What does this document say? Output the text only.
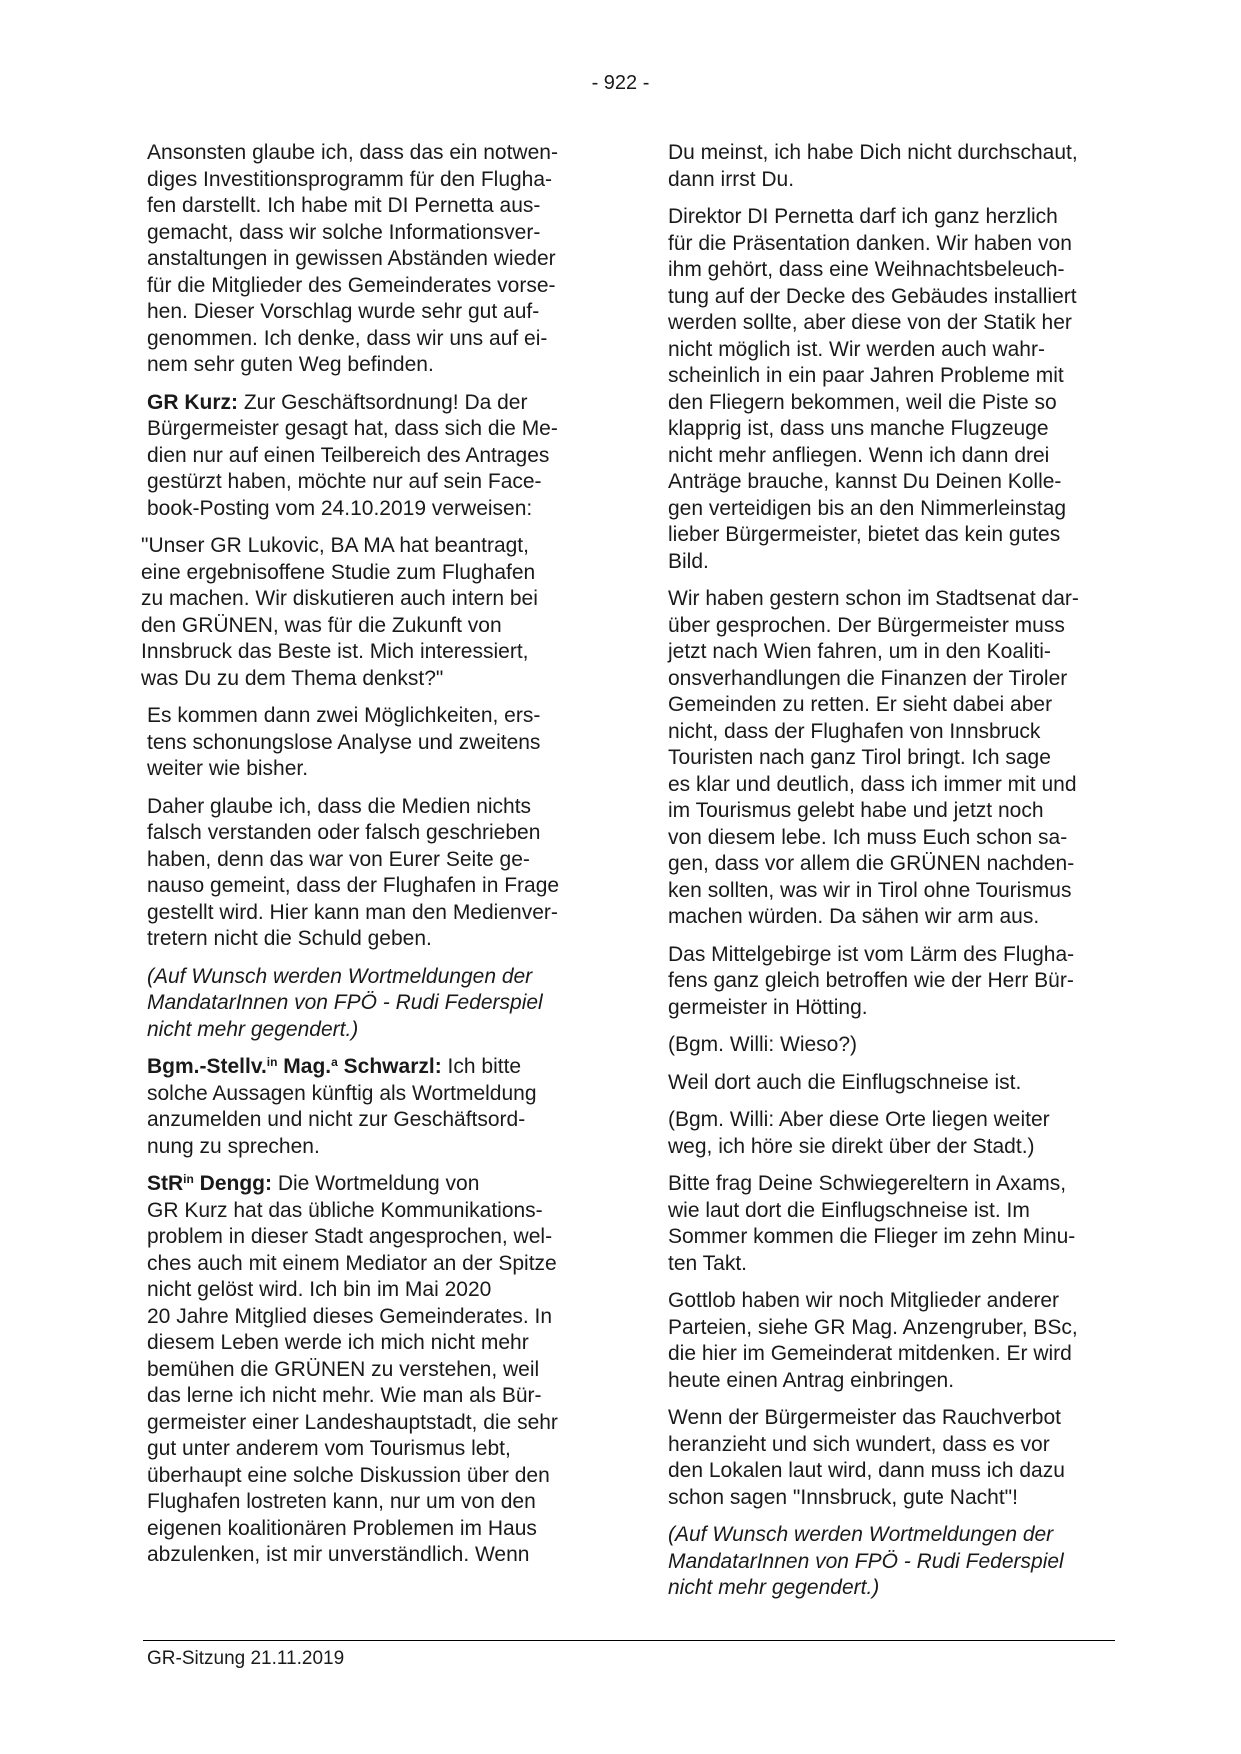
- 922 -

Ansonsten glaube ich, dass das ein notwen-
diges Investitionsprogramm für den Flugha-
fen darstellt. Ich habe mit DI Pernetta aus-
gemacht, dass wir solche Informationsver-
anstaltungen in gewissen Abständen wieder
für die Mitglieder des Gemeinderates vorse-
hen. Dieser Vorschlag wurde sehr gut auf-
genommen. Ich denke, dass wir uns auf ei-
nem sehr guten Weg befinden.

GR Kurz: Zur Geschäftsordnung! Da der
Bürgermeister gesagt hat, dass sich die Me-
dien nur auf einen Teilbereich des Antrages
gestürzt haben, möchte nur auf sein Face-
book-Posting vom 24.10.2019 verweisen:

"Unser GR Lukovic, BA MA hat beantragt,
eine ergebnisoffene Studie zum Flughafen
zu machen. Wir diskutieren auch intern bei
den GRÜNEN, was für die Zukunft von
Innsbruck das Beste ist. Mich interessiert,
was Du zu dem Thema denkst?"

Es kommen dann zwei Möglichkeiten, ers-
tens schonungslose Analyse und zweitens
weiter wie bisher.

Daher glaube ich, dass die Medien nichts
falsch verstanden oder falsch geschrieben
haben, denn das war von Eurer Seite ge-
nauso gemeint, dass der Flughafen in Frage
gestellt wird. Hier kann man den Medienver-
tretern nicht die Schuld geben.

(Auf Wunsch werden Wortmeldungen der
MandatarInnen von FPÖ - Rudi Federspiel
nicht mehr gegendert.)

Bgm.-Stellv.$^{in}$ Mag.$^a$ Schwarzl: Ich bitte
solche Aussagen künftig als Wortmeldung
anzumelden und nicht zur Geschäftsord-
nung zu sprechen.

StR$^{in}$ Dengg: Die Wortmeldung von
GR Kurz hat das übliche Kommunikations-
problem in dieser Stadt angesprochen, wel-
ches auch mit einem Mediator an der Spitze
nicht gelöst wird. Ich bin im Mai 2020
20 Jahre Mitglied dieses Gemeinderates. In
diesem Leben werde ich mich nicht mehr
bemühen die GRÜNEN zu verstehen, weil
das lerne ich nicht mehr. Wie man als Bür-
germeister einer Landeshauptstadt, die sehr
gut unter anderem vom Tourismus lebt,
überhaupt eine solche Diskussion über den
Flughafen lostreten kann, nur um von den
eigenen koalitionären Problemen im Haus
abzulenken, ist mir unverständlich. Wenn

Du meinst, ich habe Dich nicht durchschaut,
dann irrst Du.

Direktor DI Pernetta darf ich ganz herzlich
für die Präsentation danken. Wir haben von
ihm gehört, dass eine Weihnachtsbeleuch-
tung auf der Decke des Gebäudes installiert
werden sollte, aber diese von der Statik her
nicht möglich ist. Wir werden auch wahr-
scheinlich in ein paar Jahren Probleme mit
den Fliegern bekommen, weil die Piste so
klapprig ist, dass uns manche Flugzeuge
nicht mehr anfliegen. Wenn ich dann drei
Anträge brauche, kannst Du Deinen Kolle-
gen verteidigen bis an den Nimmerleinstag
lieber Bürgermeister, bietet das kein gutes
Bild.

Wir haben gestern schon im Stadtsenat dar-
über gesprochen. Der Bürgermeister muss
jetzt nach Wien fahren, um in den Koaliti-
onsverhandlungen die Finanzen der Tiroler
Gemeinden zu retten. Er sieht dabei aber
nicht, dass der Flughafen von Innsbruck
Touristen nach ganz Tirol bringt. Ich sage
es klar und deutlich, dass ich immer mit und
im Tourismus gelebt habe und jetzt noch
von diesem lebe. Ich muss Euch schon sa-
gen, dass vor allem die GRÜNEN nachden-
ken sollten, was wir in Tirol ohne Tourismus
machen würden. Da sähen wir arm aus.

Das Mittelgebirge ist vom Lärm des Flugha-
fens ganz gleich betroffen wie der Herr Bür-
germeister in Hötting.

(Bgm. Willi: Wieso?)

Weil dort auch die Einflugschneise ist.

(Bgm. Willi: Aber diese Orte liegen weiter
weg, ich höre sie direkt über der Stadt.)

Bitte frag Deine Schwiegereltern in Axams,
wie laut dort die Einflugschneise ist. Im
Sommer kommen die Flieger im zehn Minu-
ten Takt.

Gottlob haben wir noch Mitglieder anderer
Parteien, siehe GR Mag. Anzengruber, BSc,
die hier im Gemeinderat mitdenken. Er wird
heute einen Antrag einbringen.

Wenn der Bürgermeister das Rauchverbot
heranzieht und sich wundert, dass es vor
den Lokalen laut wird, dann muss ich dazu
schon sagen "Innsbruck, gute Nacht"!

(Auf Wunsch werden Wortmeldungen der
MandatarInnen von FPÖ - Rudi Federspiel
nicht mehr gegendert.)

GR-Sitzung 21.11.2019
